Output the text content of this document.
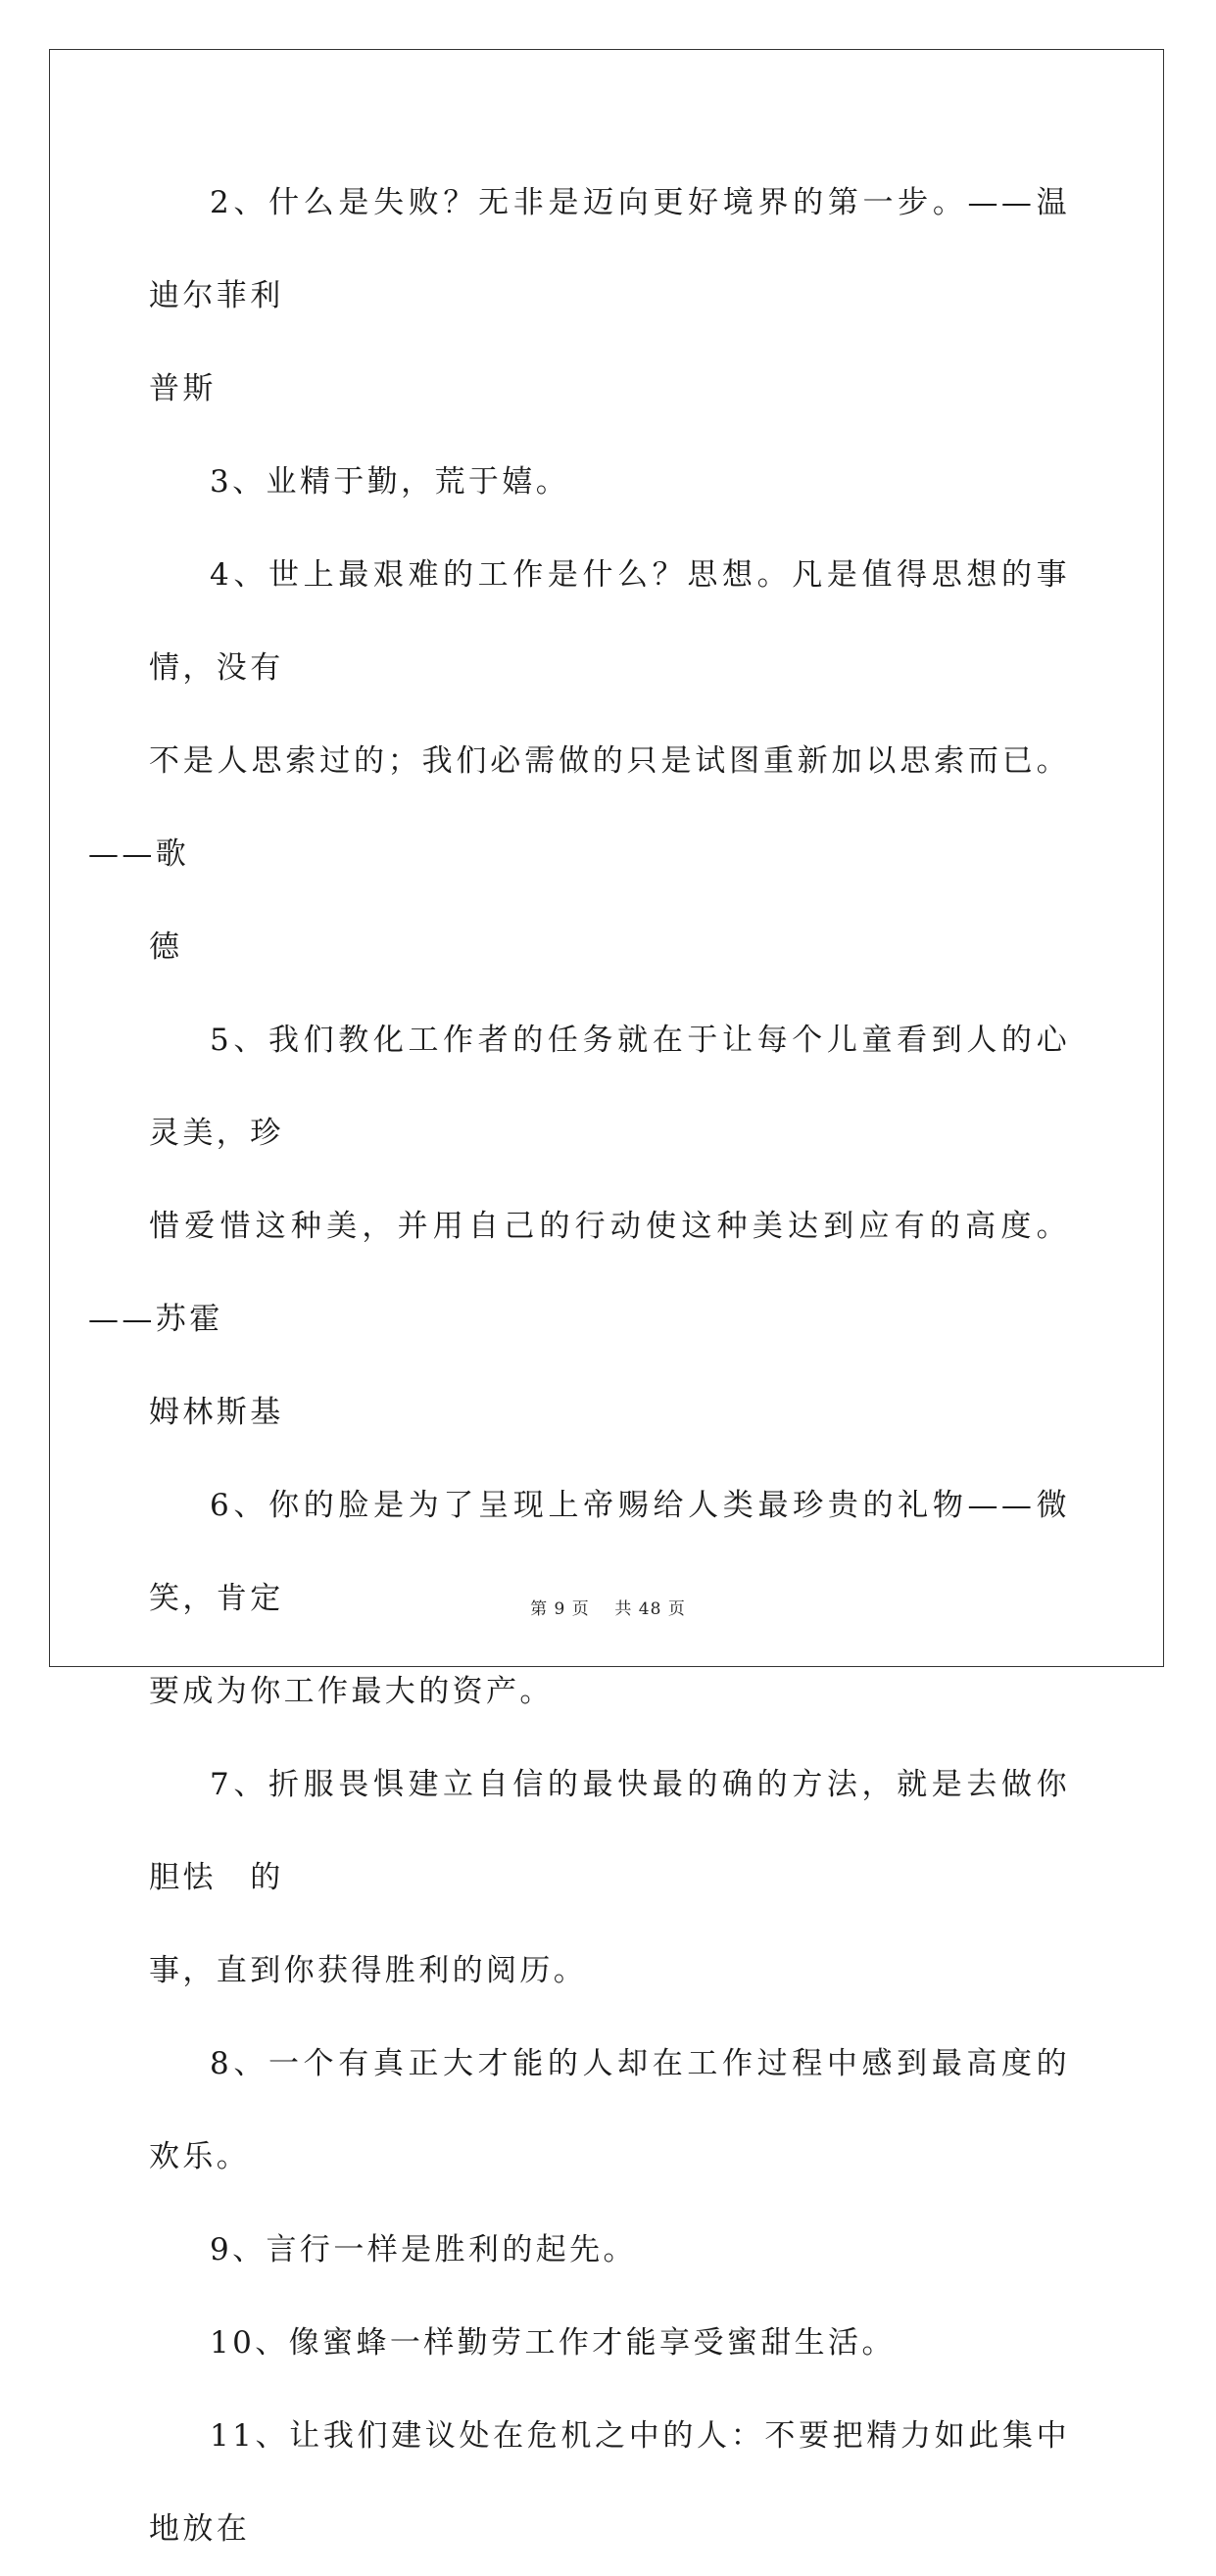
2、什么是失败？无非是迈向更好境界的第一步。——温迪尔菲利
普斯

3、业精于勤，荒于嬉。

4、世上最艰难的工作是什么？思想。凡是值得思想的事情，没有
不是人思索过的；我们必需做的只是试图重新加以思索而已。——歌
德

5、我们教化工作者的任务就在于让每个儿童看到人的心灵美，珍
惜爱惜这种美，并用自己的行动使这种美达到应有的高度。——苏霍
姆林斯基

6、你的脸是为了呈现上帝赐给人类最珍贵的礼物——微笑，肯定
要成为你工作最大的资产。

7、折服畏惧建立自信的最快最的确的方法，就是去做你胆怯　的
事，直到你获得胜利的阅历。

8、一个有真正大才能的人却在工作过程中感到最高度的欢乐。

9、言行一样是胜利的起先。

10、像蜜蜂一样勤劳工作才能享受蜜甜生活。

11、让我们建议处在危机之中的人：不要把精力如此集中地放在

第 9 页 共 48 页
